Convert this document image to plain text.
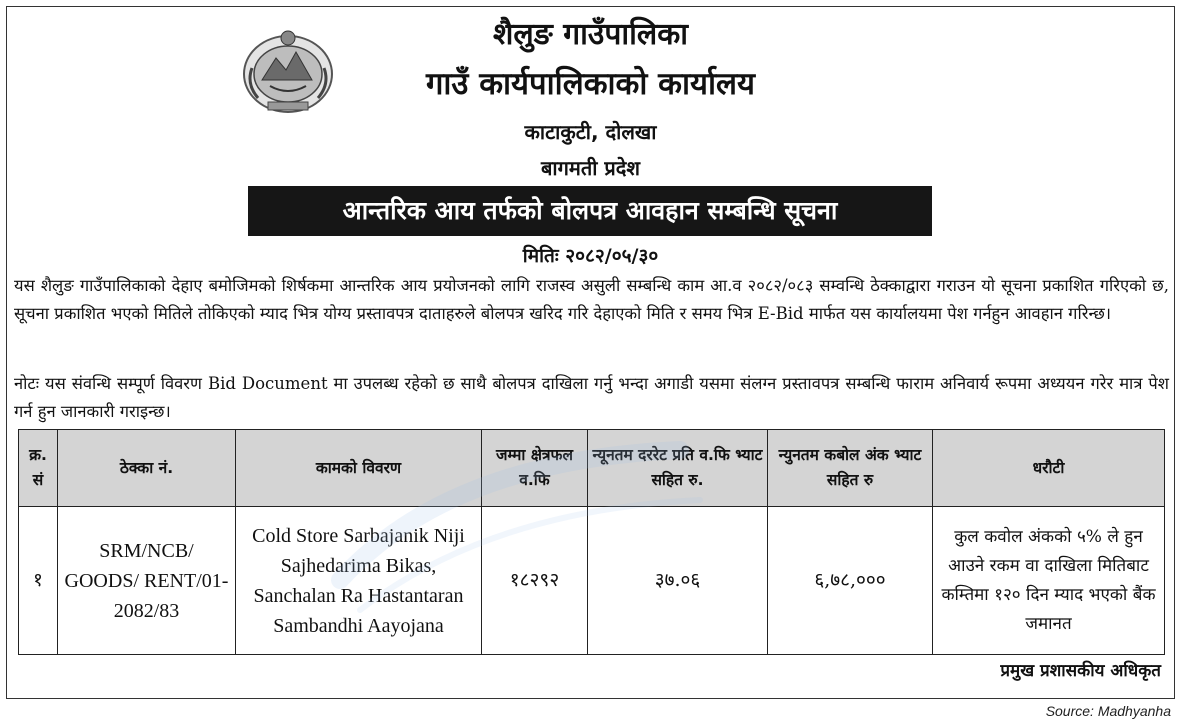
शैलुङ गाउँपालिका
गाउँ कार्यपालिकाको कार्यालय
काटाकुटी, दोलखा
बागमती प्रदेश
आन्तरिक आय तर्फको बोलपत्र आवहान सम्बन्धि सूचना
मितिः २०८२/०५/३०
यस शैलुङ गाउँपालिकाको देहाए बमोजिमको शिर्षकमा आन्तरिक आय प्रयोजनको लागि राजस्व असुली सम्बन्धि काम आ.व २०८२/०८३ सम्वन्धि ठेक्काद्वारा गराउन यो सूचना प्रकाशित गरिएको छ, सूचना प्रकाशित भएको मितिले तोकिएको म्याद भित्र योग्य प्रस्तावपत्र दाताहरुले बोलपत्र खरिद गरि देहाएको मिति र समय भित्र E-Bid मार्फत यस कार्यालयमा पेश गर्नहुन आवहान गरिन्छ।
नोटः यस संवन्धि सम्पूर्ण विवरण Bid Document मा उपलब्ध रहेको छ साथै बोलपत्र दाखिला गर्नु भन्दा अगाडी यसमा संलग्न प्रस्तावपत्र सम्बन्धि फाराम अनिवार्य रूपमा अध्ययन गरेर मात्र पेश गर्न हुन जानकारी गराइन्छ।
क्र. सं	ठेक्का नं.	कामको विवरण	जम्मा क्षेत्रफल व.फि	न्यूनतम दररेट प्रति व.फि भ्याट सहित रु.	न्युनतम कबोल अंक भ्याट सहित रु	धरौटी
१	SRM/NCB/ GOODS/ RENT/01-2082/83	Cold Store Sarbajanik Niji Sajhedarima Bikas, Sanchalan Ra Hastantaran Sambandhi Aayojana	१८२९२	३७.०६	६,७८,०००	कुल कवोल अंकको ५% ले हुन आउने रकम वा दाखिला मितिबाट कम्तिमा १२० दिन म्याद भएको बैंक जमानत
प्रमुख प्रशासकीय अधिकृत
Source: Madhyanha
